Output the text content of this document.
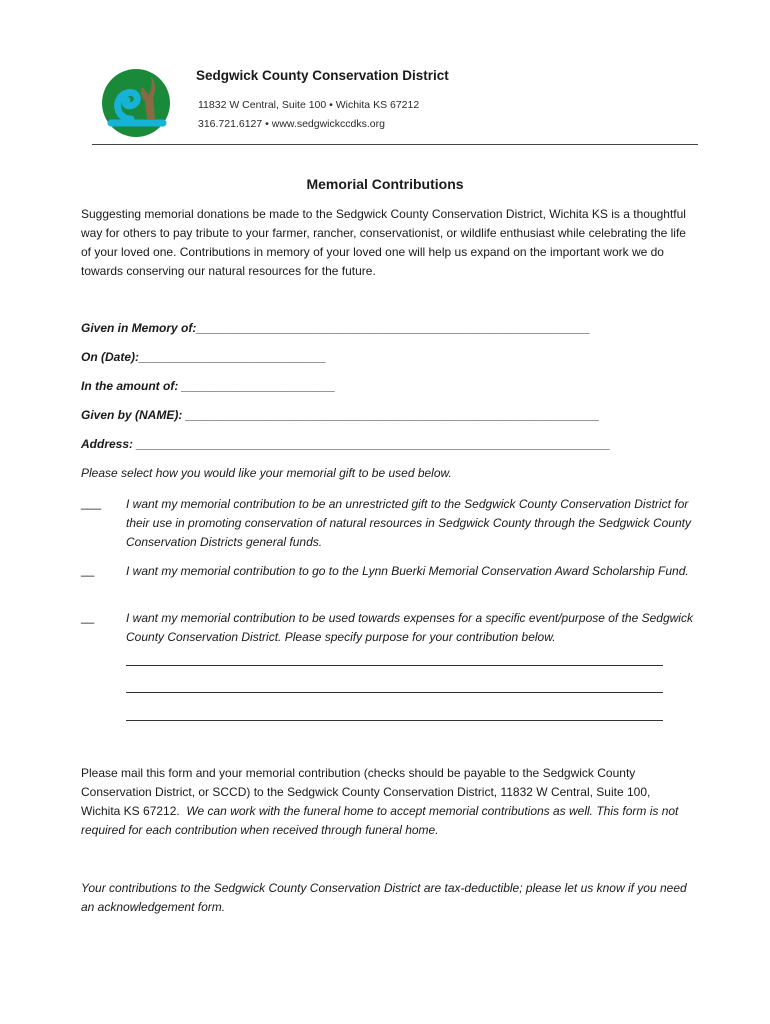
Sedgwick County Conservation District
11832 W Central, Suite 100 • Wichita KS 67212
316.721.6127 • www.sedgwickccdks.org
Memorial Contributions
Suggesting memorial donations be made to the Sedgwick County Conservation District, Wichita KS is a thoughtful way for others to pay tribute to your farmer, rancher, conservationist, or wildlife enthusiast while celebrating the life of your loved one. Contributions in memory of your loved one will help us expand on the important work we do towards conserving our natural resources for the future.
Given in Memory of:___________________________________________________________
On (Date):____________________________
In the amount of: _______________________
Given by (NAME): ______________________________________________________________
Address: _______________________________________________________________________
Please select how you would like your memorial gift to be used below.
___ I want my memorial contribution to be an unrestricted gift to the Sedgwick County Conservation District for their use in promoting conservation of natural resources in Sedgwick County through the Sedgwick County Conservation Districts general funds.
__	I want my memorial contribution to go to the Lynn Buerki Memorial Conservation Award Scholarship Fund.
__	I want my memorial contribution to be used towards expenses for a specific event/purpose of the Sedgwick County Conservation District. Please specify purpose for your contribution below.
Please mail this form and your memorial contribution (checks should be payable to the Sedgwick County Conservation District, or SCCD) to the Sedgwick County Conservation District, 11832 W Central, Suite 100, Wichita KS 67212. We can work with the funeral home to accept memorial contributions as well. This form is not required for each contribution when received through funeral home.
Your contributions to the Sedgwick County Conservation District are tax-deductible; please let us know if you need an acknowledgement form.
